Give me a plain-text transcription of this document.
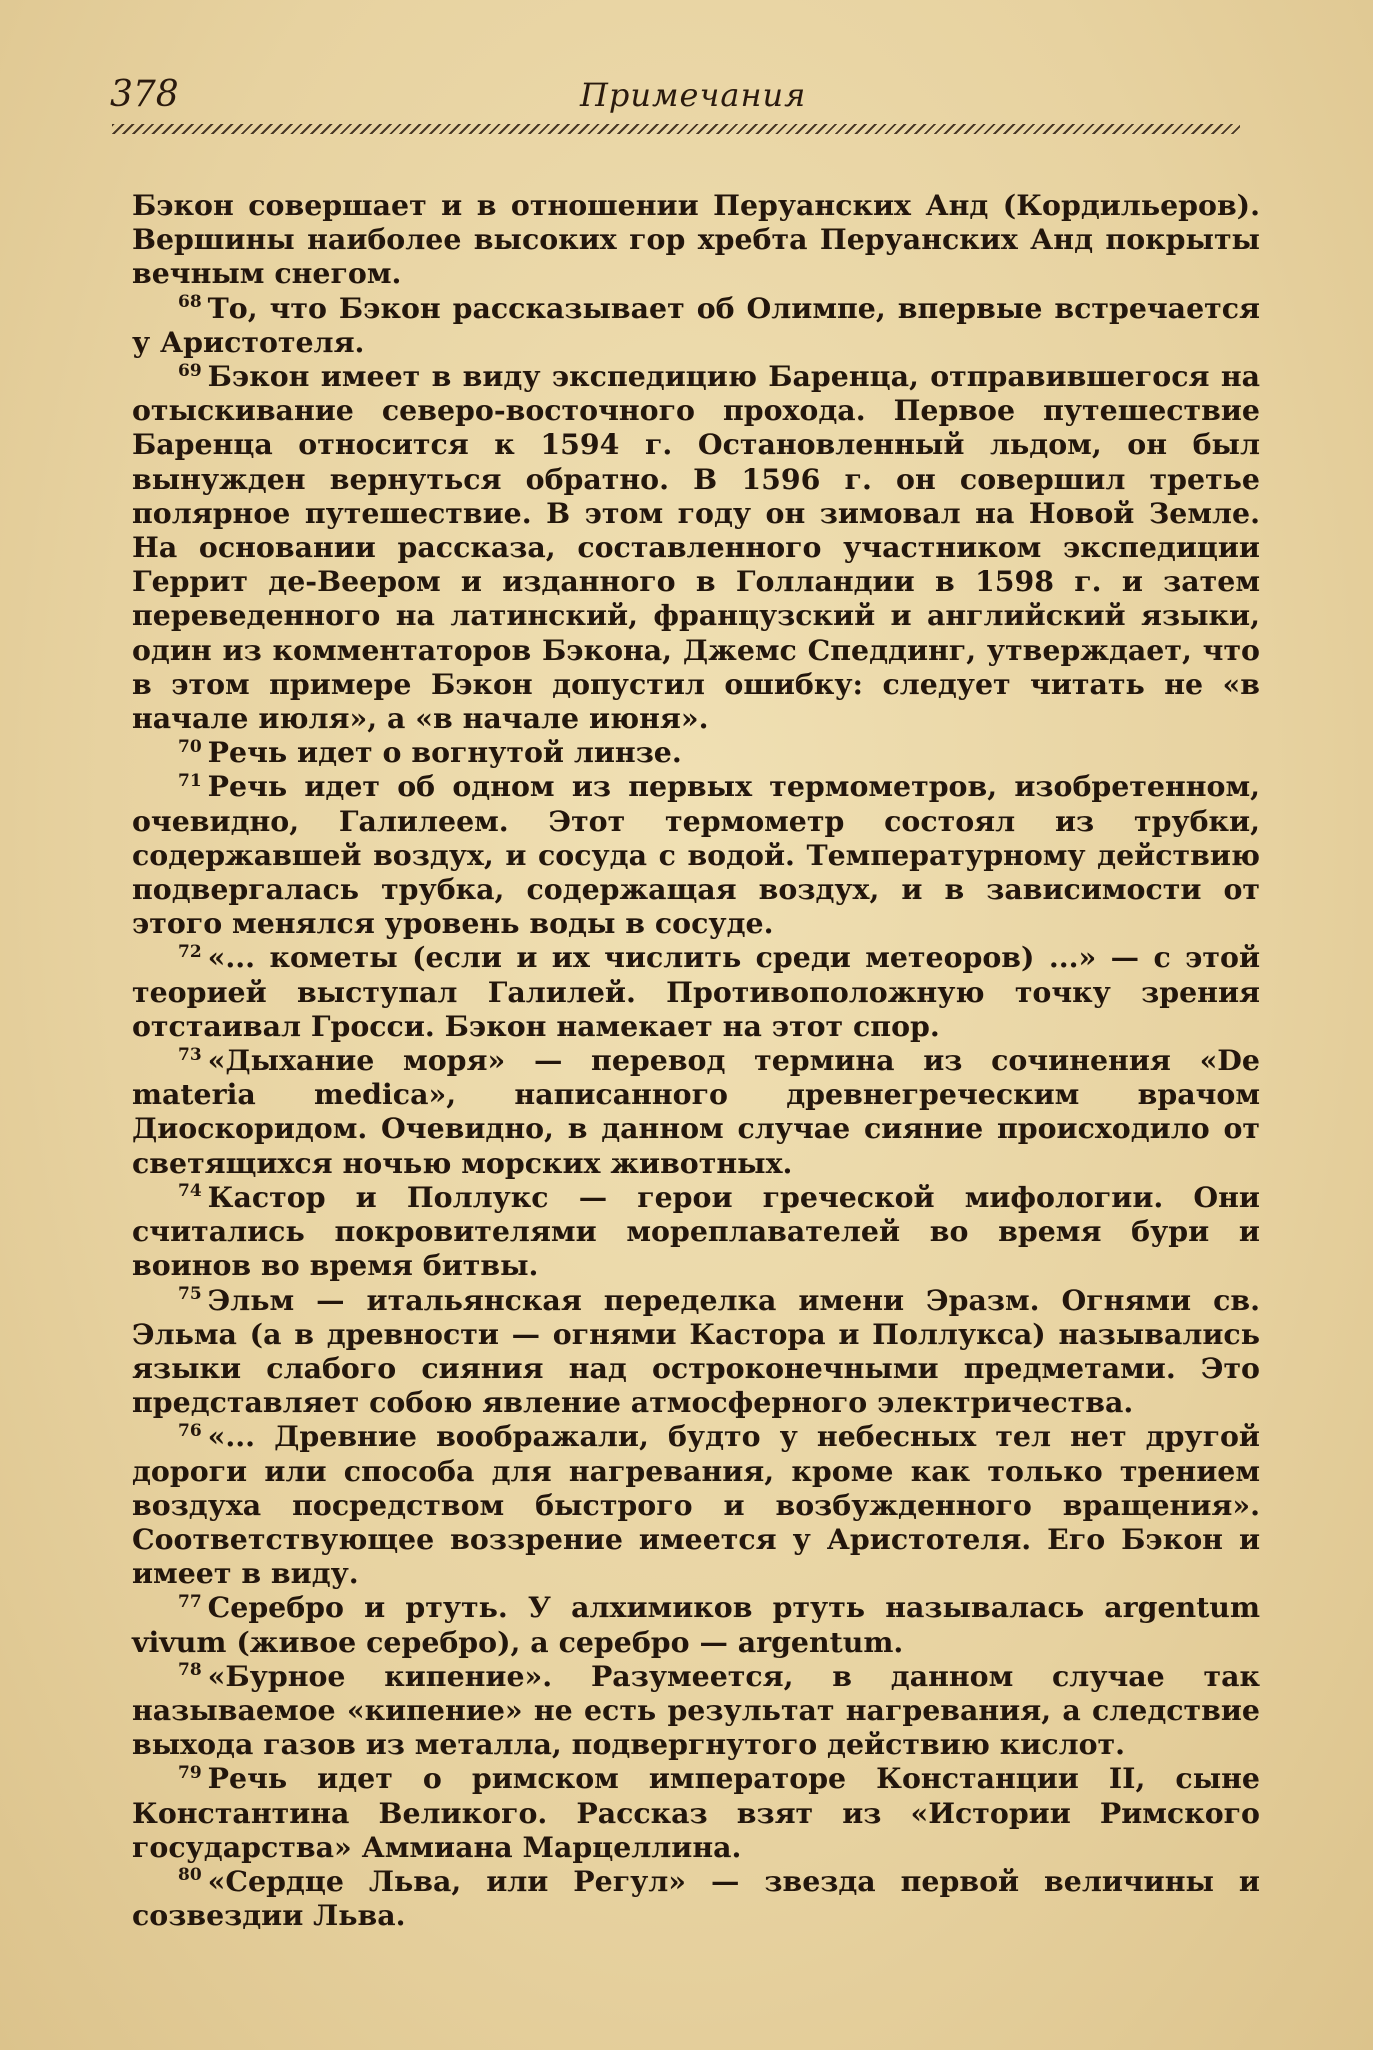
378	Примечания

Бэкон совершает и в отношении Перуанских Анд (Кордильеров). Вершины наиболее высоких гор хребта Перуанских Анд покрыты вечным снегом.

$^{68}$ То, что Бэкон рассказывает об Олимпе, впервые встречается у Аристотеля.

$^{69}$ Бэкон имеет в виду экспедицию Баренца, отправившегося на отыскивание северо-восточного прохода. Первое путешествие Баренца относится к 1594 г. Остановленный льдом, он был вынужден вернуться обратно. В 1596 г. он совершил третье полярное путешествие. В этом году он зимовал на Новой Земле. На основании рассказа, составленного участником экспедиции Геррит де-Веером и изданного в Голландии в 1598 г. и затем переведенного на латинский, французский и английский языки, один из комментаторов Бэкона, Джемс Спеддинг, утверждает, что в этом примере Бэкон допустил ошибку: следует читать не «в начале июля», а «в начале июня».

$^{70}$ Речь идет о вогнутой линзе.

$^{71}$ Речь идет об одном из первых термометров, изобретенном, очевидно, Галилеем. Этот термометр состоял из трубки, содержавшей воздух, и сосуда с водой. Температурному действию подвергалась трубка, содержащая воздух, и в зависимости от этого менялся уровень воды в сосуде.

$^{72}$ «... кометы (если и их числить среди метеоров) ...» — с этой теорией выступал Галилей. Противоположную точку зрения отстаивал Гросси. Бэкон намекает на этот спор.

$^{73}$ «Дыхание моря» — перевод термина из сочинения «De materia medica», написанного древнегреческим врачом Диоскоридом. Очевидно, в данном случае сияние происходило от светящихся ночью морских животных.

$^{74}$ Кастор и Поллукс — герои греческой мифологии. Они считались покровителями мореплавателей во время бури и воинов во время битвы.

$^{75}$ Эльм — итальянская переделка имени Эразм. Огнями св. Эльма (а в древности — огнями Кастора и Поллукса) назывались языки слабого сияния над остроконечными предметами. Это представляет собою явление атмосферного электричества.

$^{76}$ «... Древние воображали, будто у небесных тел нет другой дороги или способа для нагревания, кроме как только трением воздуха посредством быстрого и возбужденного вращения». Соответствующее воззрение имеется у Аристотеля. Его Бэкон и имеет в виду.

$^{77}$ Серебро и ртуть. У алхимиков ртуть называлась argentum vivum (живое серебро), а серебро — argentum.

$^{78}$ «Бурное кипение». Разумеется, в данном случае так называемое «кипение» не есть результат нагревания, а следствие выхода газов из металла, подвергнутого действию кислот.

$^{79}$ Речь идет о римском императоре Констанции II, сыне Константина Великого. Рассказ взят из «Истории Римского государства» Аммиана Марцеллина.

$^{80}$ «Сердце Льва, или Регул» — звезда первой величины и созвездии Льва.
